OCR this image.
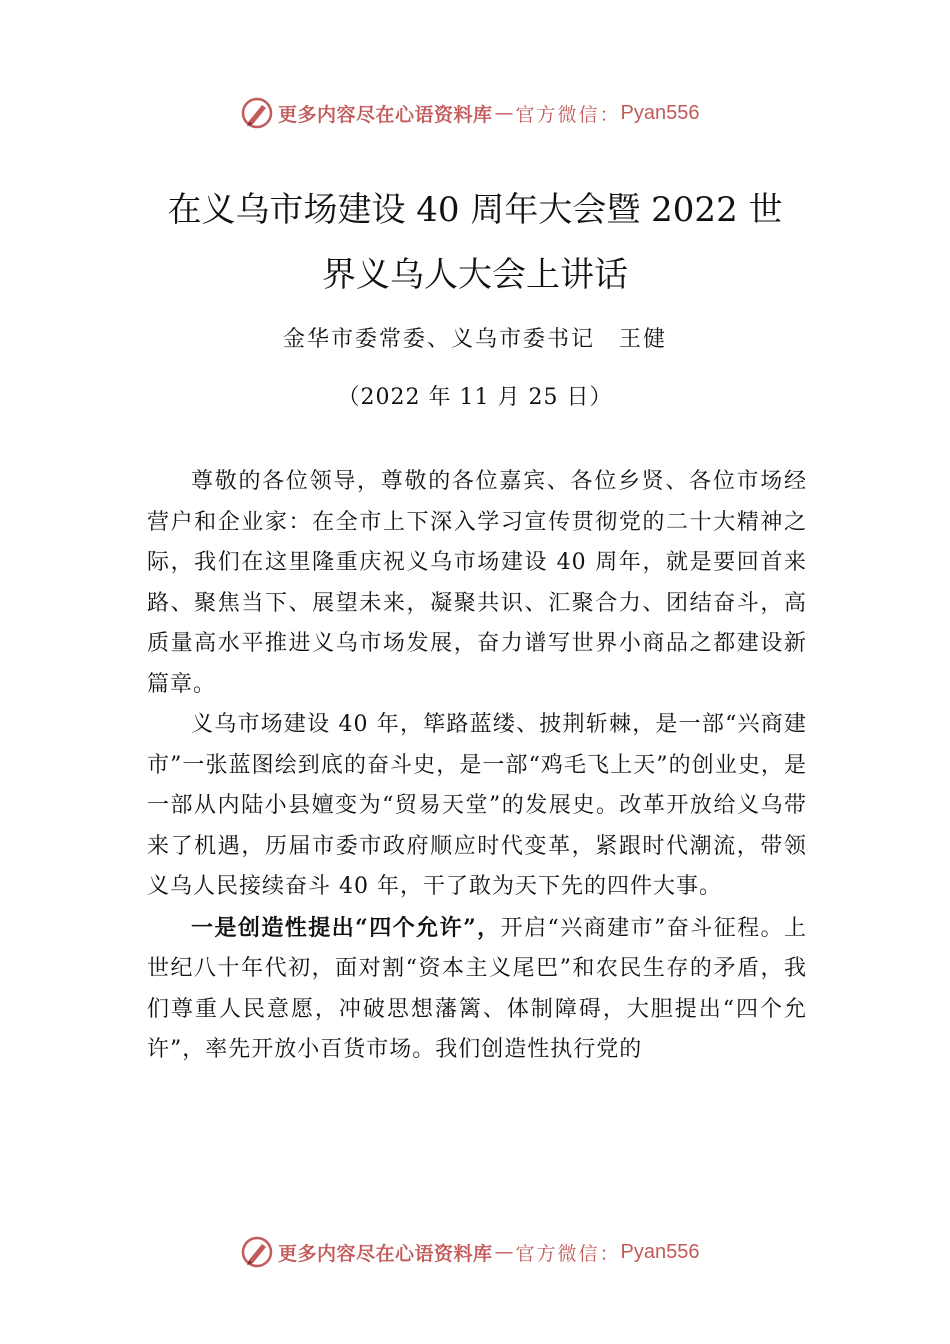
更多内容尽在心语资料库 — 官方微信： Pyan556
在义乌市场建设 40 周年大会暨 2022 世
界义乌人大会上讲话
金华市委常委、义乌市委书记　王健
（2022 年 11 月 25 日）

尊敬的各位领导，尊敬的各位嘉宾、各位乡贤、各位市场经营户和企业家：在全市上下深入学习宣传贯彻党的二十大精神之际，我们在这里隆重庆祝义乌市场建设 40 周年，就是要回首来路、聚焦当下、展望未来，凝聚共识、汇聚合力、团结奋斗，高质量高水平推进义乌市场发展，奋力谱写世界小商品之都建设新篇章。

义乌市场建设 40 年，筚路蓝缕、披荆斩棘，是一部“兴商建市”一张蓝图绘到底的奋斗史，是一部“鸡毛飞上天”的创业史，是一部从内陆小县嬗变为“贸易天堂”的发展史。改革开放给义乌带来了机遇，历届市委市政府顺应时代变革，紧跟时代潮流，带领义乌人民接续奋斗 40 年，干了敢为天下先的四件大事。

一是创造性提出“四个允许”，开启“兴商建市”奋斗征程。上世纪八十年代初，面对割“资本主义尾巴”和农民生存的矛盾，我们尊重人民意愿，冲破思想藩篱、体制障碍，大胆提出“四个允许”，率先开放小百货市场。我们创造性执行党的

更多内容尽在心语资料库 — 官方微信： Pyan556
